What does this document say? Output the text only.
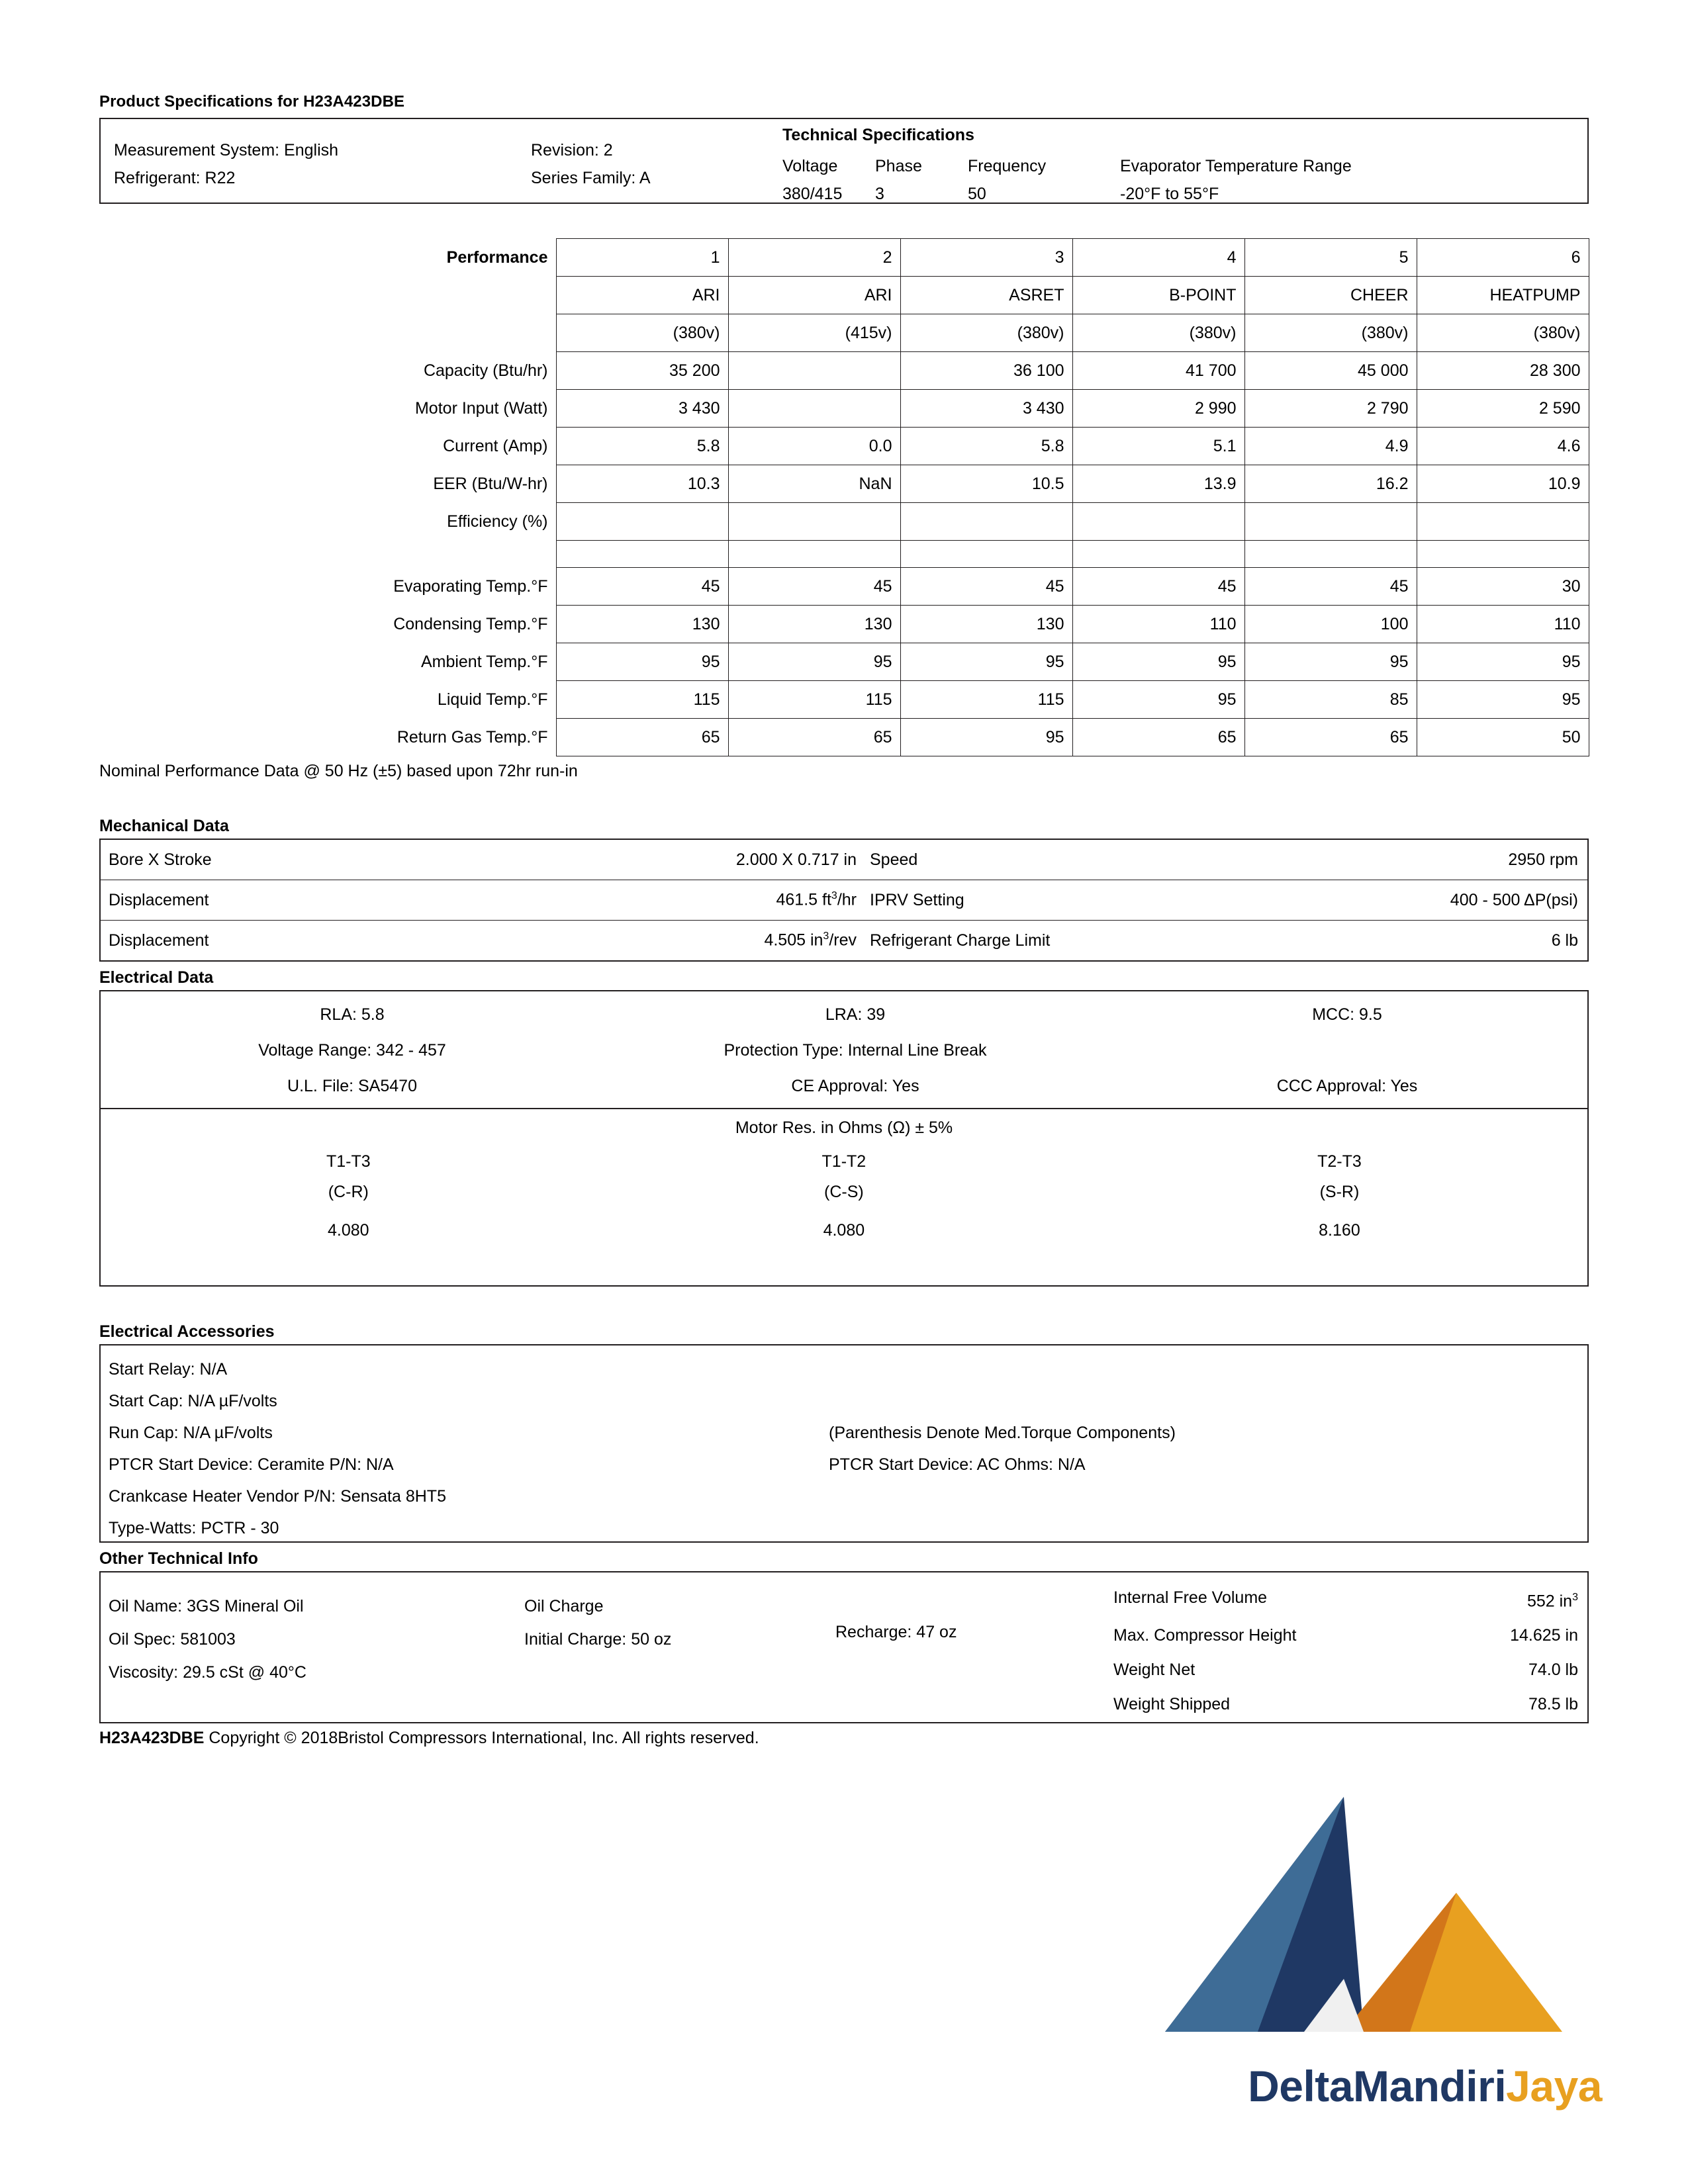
Product Specifications for H23A423DBE
Measurement System: English
Refrigerant: R22
Revision: 2
Series Family: A
Technical Specifications
Voltage	Phase	Frequency	Evaporator Temperature Range
380/415	3	50	-20°F to 55°F
Performance	1	2	3	4	5	6
	ARI	ARI	ASRET	B-POINT	CHEER	HEATPUMP
	(380v)	(415v)	(380v)	(380v)	(380v)	(380v)
Capacity (Btu/hr)	35 200		36 100	41 700	45 000	28 300
Motor Input (Watt)	3 430		3 430	2 990	2 790	2 590
Current (Amp)	5.8	0.0	5.8	5.1	4.9	4.6
EER (Btu/W-hr)	10.3	NaN	10.5	13.9	16.2	10.9
Efficiency (%)						

Evaporating Temp.°F	45	45	45	45	45	30
Condensing Temp.°F	130	130	130	110	100	110
Ambient Temp.°F	95	95	95	95	95	95
Liquid Temp.°F	115	115	115	95	85	95
Return Gas Temp.°F	65	65	95	65	65	50
Nominal Performance Data @ 50 Hz (±5) based upon 72hr run-in
Mechanical Data
Bore X Stroke	2.000 X 0.717 in Speed	2950 rpm
Displacement	461.5 $ft^3/hr$ IPRV Setting	400 - 500 ΔP(psi)
Displacement	4.505 $in^3$/rev Refrigerant Charge Limit	6 lb
Electrical Data
RLA: 5.8	LRA: 39	MCC: 9.5
Voltage Range: 342 - 457	Protection Type: Internal Line Break
U.L. File: SA5470	CE Approval: Yes	CCC Approval: Yes
Motor Res. in Ohms (Ω) ± 5%
T1-T3	T1-T2	T2-T3
(C-R)	(C-S)	(S-R)
4.080	4.080	8.160
Electrical Accessories
Start Relay: N/A
Start Cap: N/A µF/volts
Run Cap: N/A µF/volts
PTCR Start Device: Ceramite P/N: N/A
Crankcase Heater Vendor P/N: Sensata 8HT5
Type-Watts: PCTR - 30
(Parenthesis Denote Med.Torque Components)
PTCR Start Device: AC Ohms: N/A
Other Technical Info
Oil Name: 3GS Mineral Oil
Oil Spec: 581003
Viscosity: 29.5 cSt @ 40°C
Oil Charge
Initial Charge: 50 oz	Recharge: 47 oz
Internal Free Volume	552 $in^3$
Max. Compressor Height	14.625 in
Weight Net	74.0 lb
Weight Shipped	78.5 lb
H23A423DBE Copyright © 2018Bristol Compressors International, Inc. All rights reserved.
DeltaMandiriJaya
